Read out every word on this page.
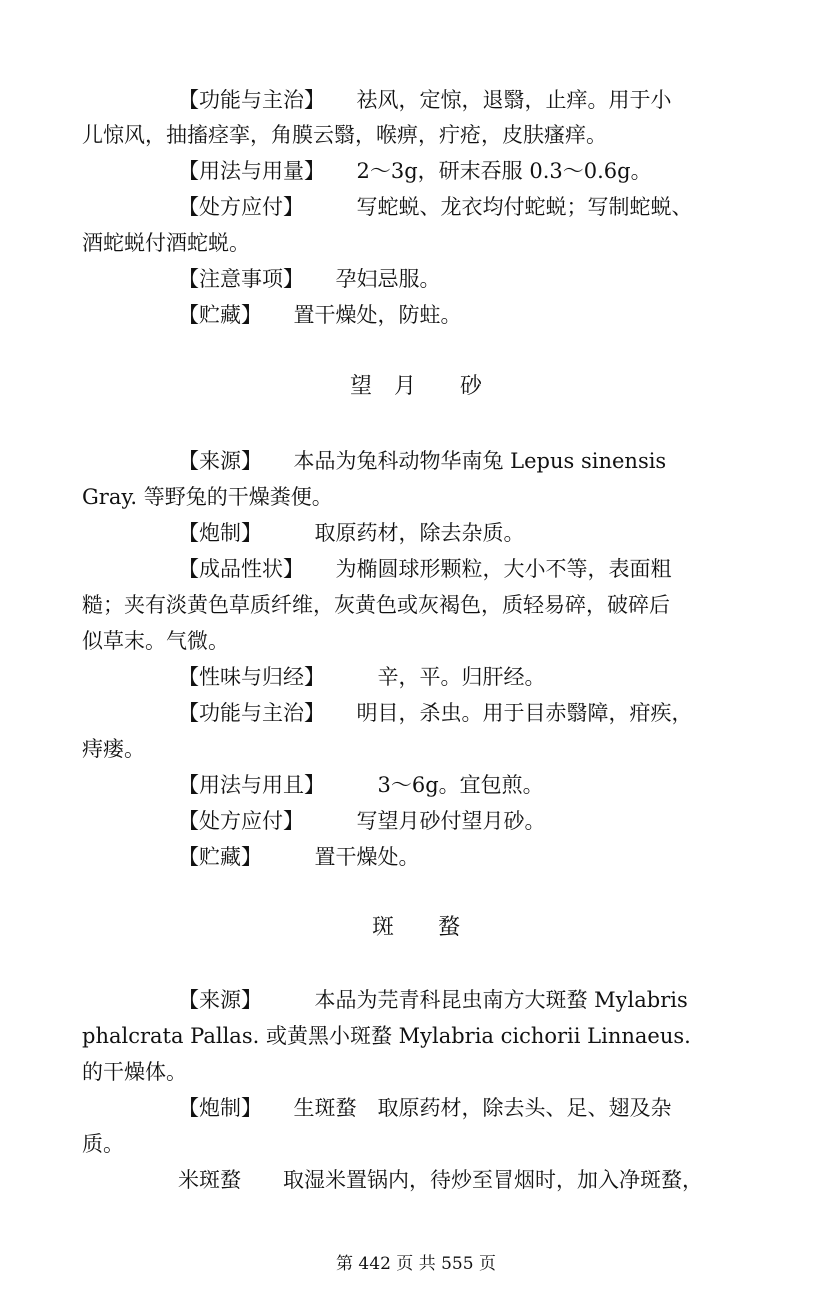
【功能与主治】　　祛风，定惊，退翳，止痒。用于小
儿惊风，抽搐痉挛，角膜云翳，喉痹，疔疮，皮肤瘙痒。
【用法与用量】　　2～3g，研末吞服 0.3～0.6g。
【处方应付】　　　写蛇蜕、龙衣均付蛇蜕；写制蛇蜕、
酒蛇蜕付酒蛇蜕。
【注意事项】　　孕妇忌服。
【贮藏】　　置干燥处，防蛀。
望　月　　砂
【来源】　　本品为兔科动物华南兔 Lepus sinensis
Gray. 等野兔的干燥粪便。
【炮制】　　　取原药材，除去杂质。
【成品性状】　　为椭圆球形颗粒，大小不等，表面粗
糙；夹有淡黄色草质纤维，灰黄色或灰褐色，质轻易碎，破碎后
似草末。气微。
【性味与归经】　　　辛，平。归肝经。
【功能与主治】　　明目，杀虫。用于目赤翳障，疳疾，
痔瘘。
【用法与用且】　　　3～6g。宜包煎。
【处方应付】　　　写望月砂付望月砂。
【贮藏】　　　置干燥处。
斑　　蝥
【来源】　　　本品为芫青科昆虫南方大斑蝥 Mylabris
phalcrata Pallas. 或黄黑小斑蝥 Mylabria cichorii Linnaeus.
的干燥体。
【炮制】　　生斑蝥　取原药材，除去头、足、翅及杂
质。
米斑蝥　　取湿米置锅内，待炒至冒烟时，加入净斑蝥，
第 442 页 共 555 页
